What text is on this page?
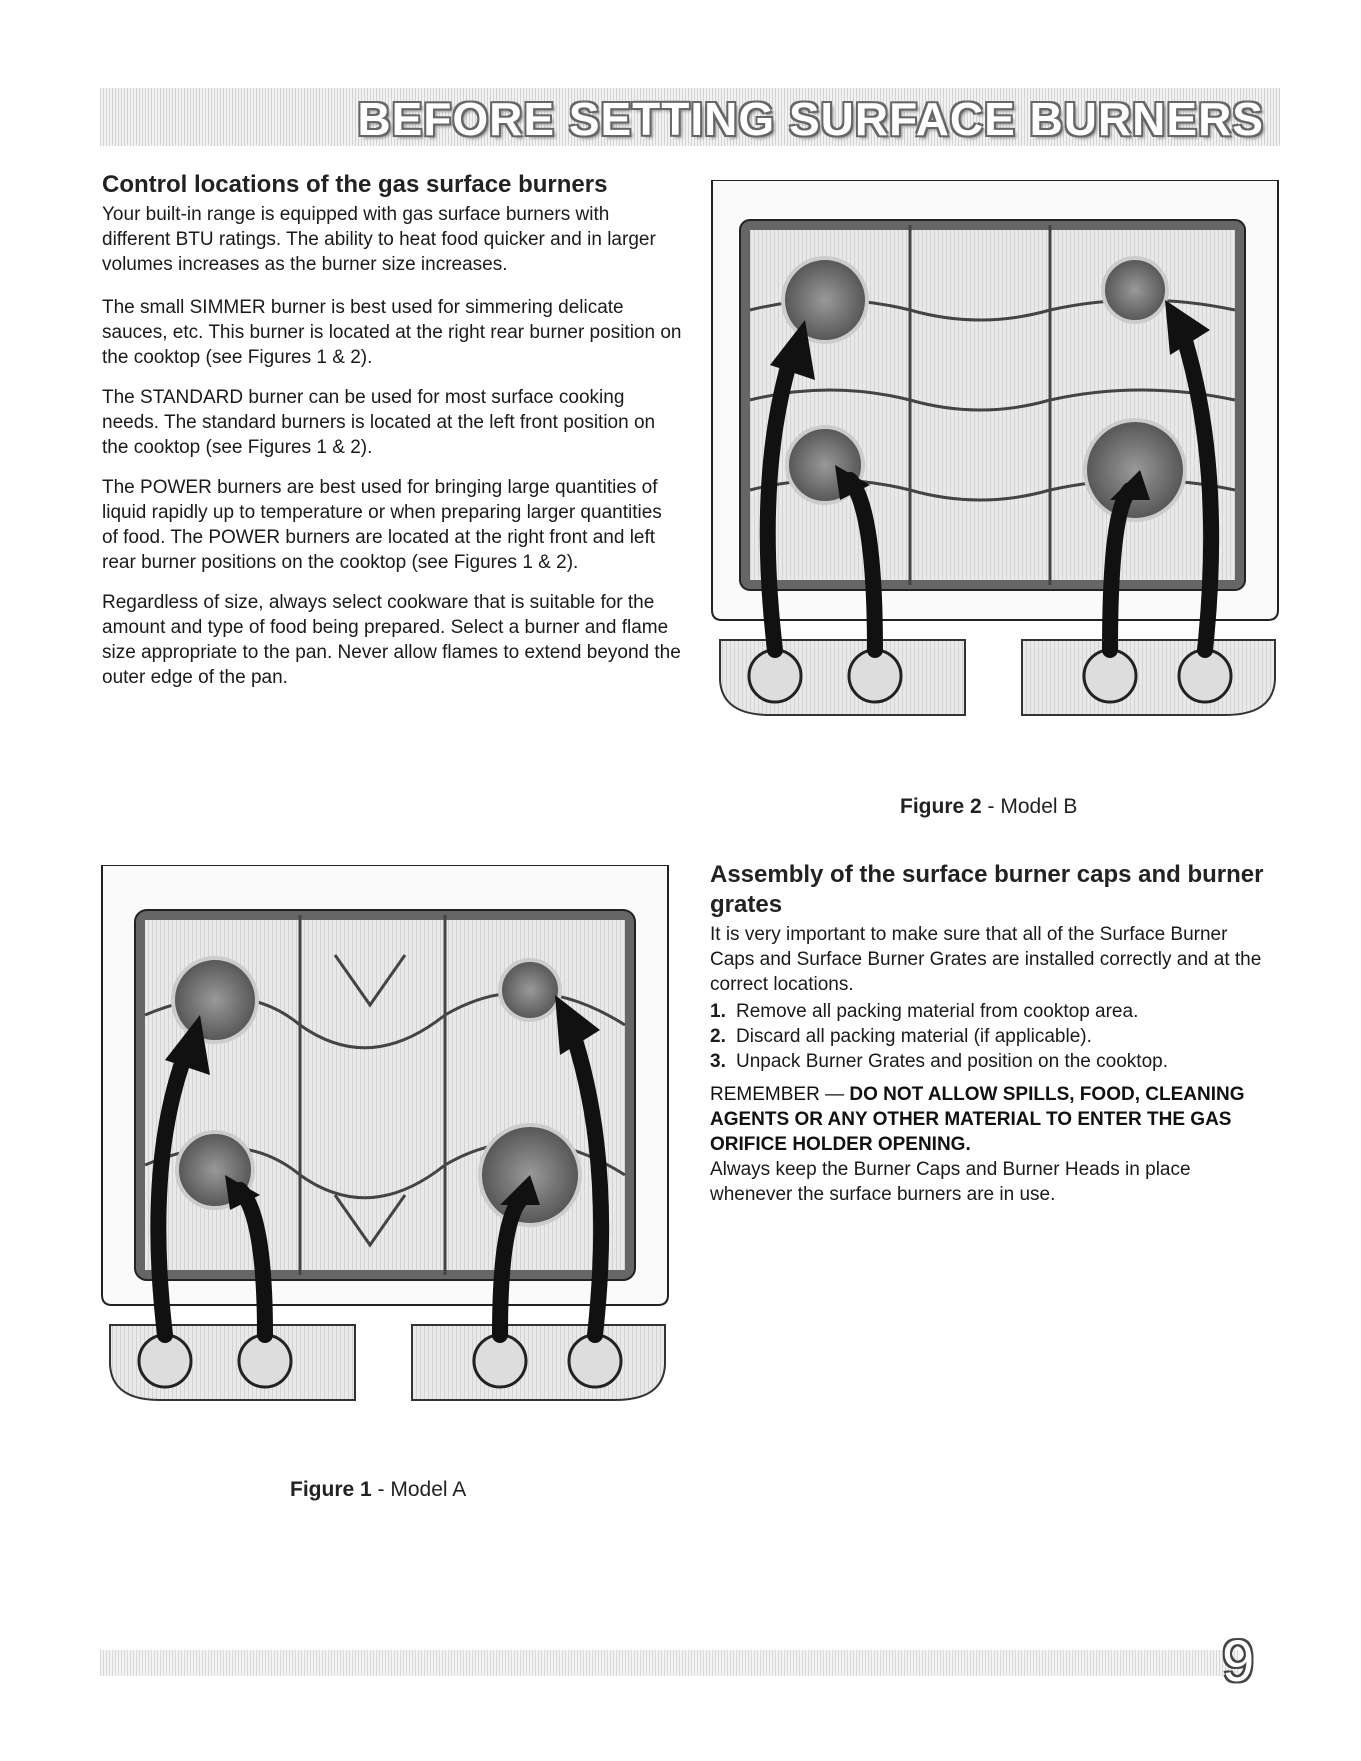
BEFORE SETTING SURFACE BURNERS
Control locations of the gas surface burners

Your built-in range is equipped with gas surface burners with different BTU ratings. The ability to heat food quicker and in larger volumes increases as the burner size increases.

The small SIMMER burner is best used for simmering delicate sauces, etc. This burner is located at the right rear burner position on the cooktop (see Figures 1 & 2).

The STANDARD burner can be used for most surface cooking needs. The standard burners is located at the left front position on the cooktop (see Figures 1 & 2).

The POWER burners are best used for bringing large quantities of liquid rapidly up to temperature or when preparing larger quantities of food. The POWER burners are located at the right front and left rear burner positions on the cooktop (see Figures 1 & 2).

Regardless of size, always select cookware that is suitable for the amount and type of food being prepared. Select a burner and flame size appropriate to the pan. Never allow flames to extend beyond the outer edge of the pan.

Figure 2 - Model B
Figure 1 - Model A
Assembly of the surface burner caps and burner grates

It is very important to make sure that all of the Surface Burner Caps and Surface Burner Grates are installed correctly and at the correct locations.

1. Remove all packing material from cooktop area.
2. Discard all packing material (if applicable).
3. Unpack Burner Grates and position on the cooktop.
REMEMBER — DO NOT ALLOW SPILLS, FOOD, CLEANING AGENTS OR ANY OTHER MATERIAL TO ENTER THE GAS ORIFICE HOLDER OPENING.

Always keep the Burner Caps and Burner Heads in place whenever the surface burners are in use.

9
